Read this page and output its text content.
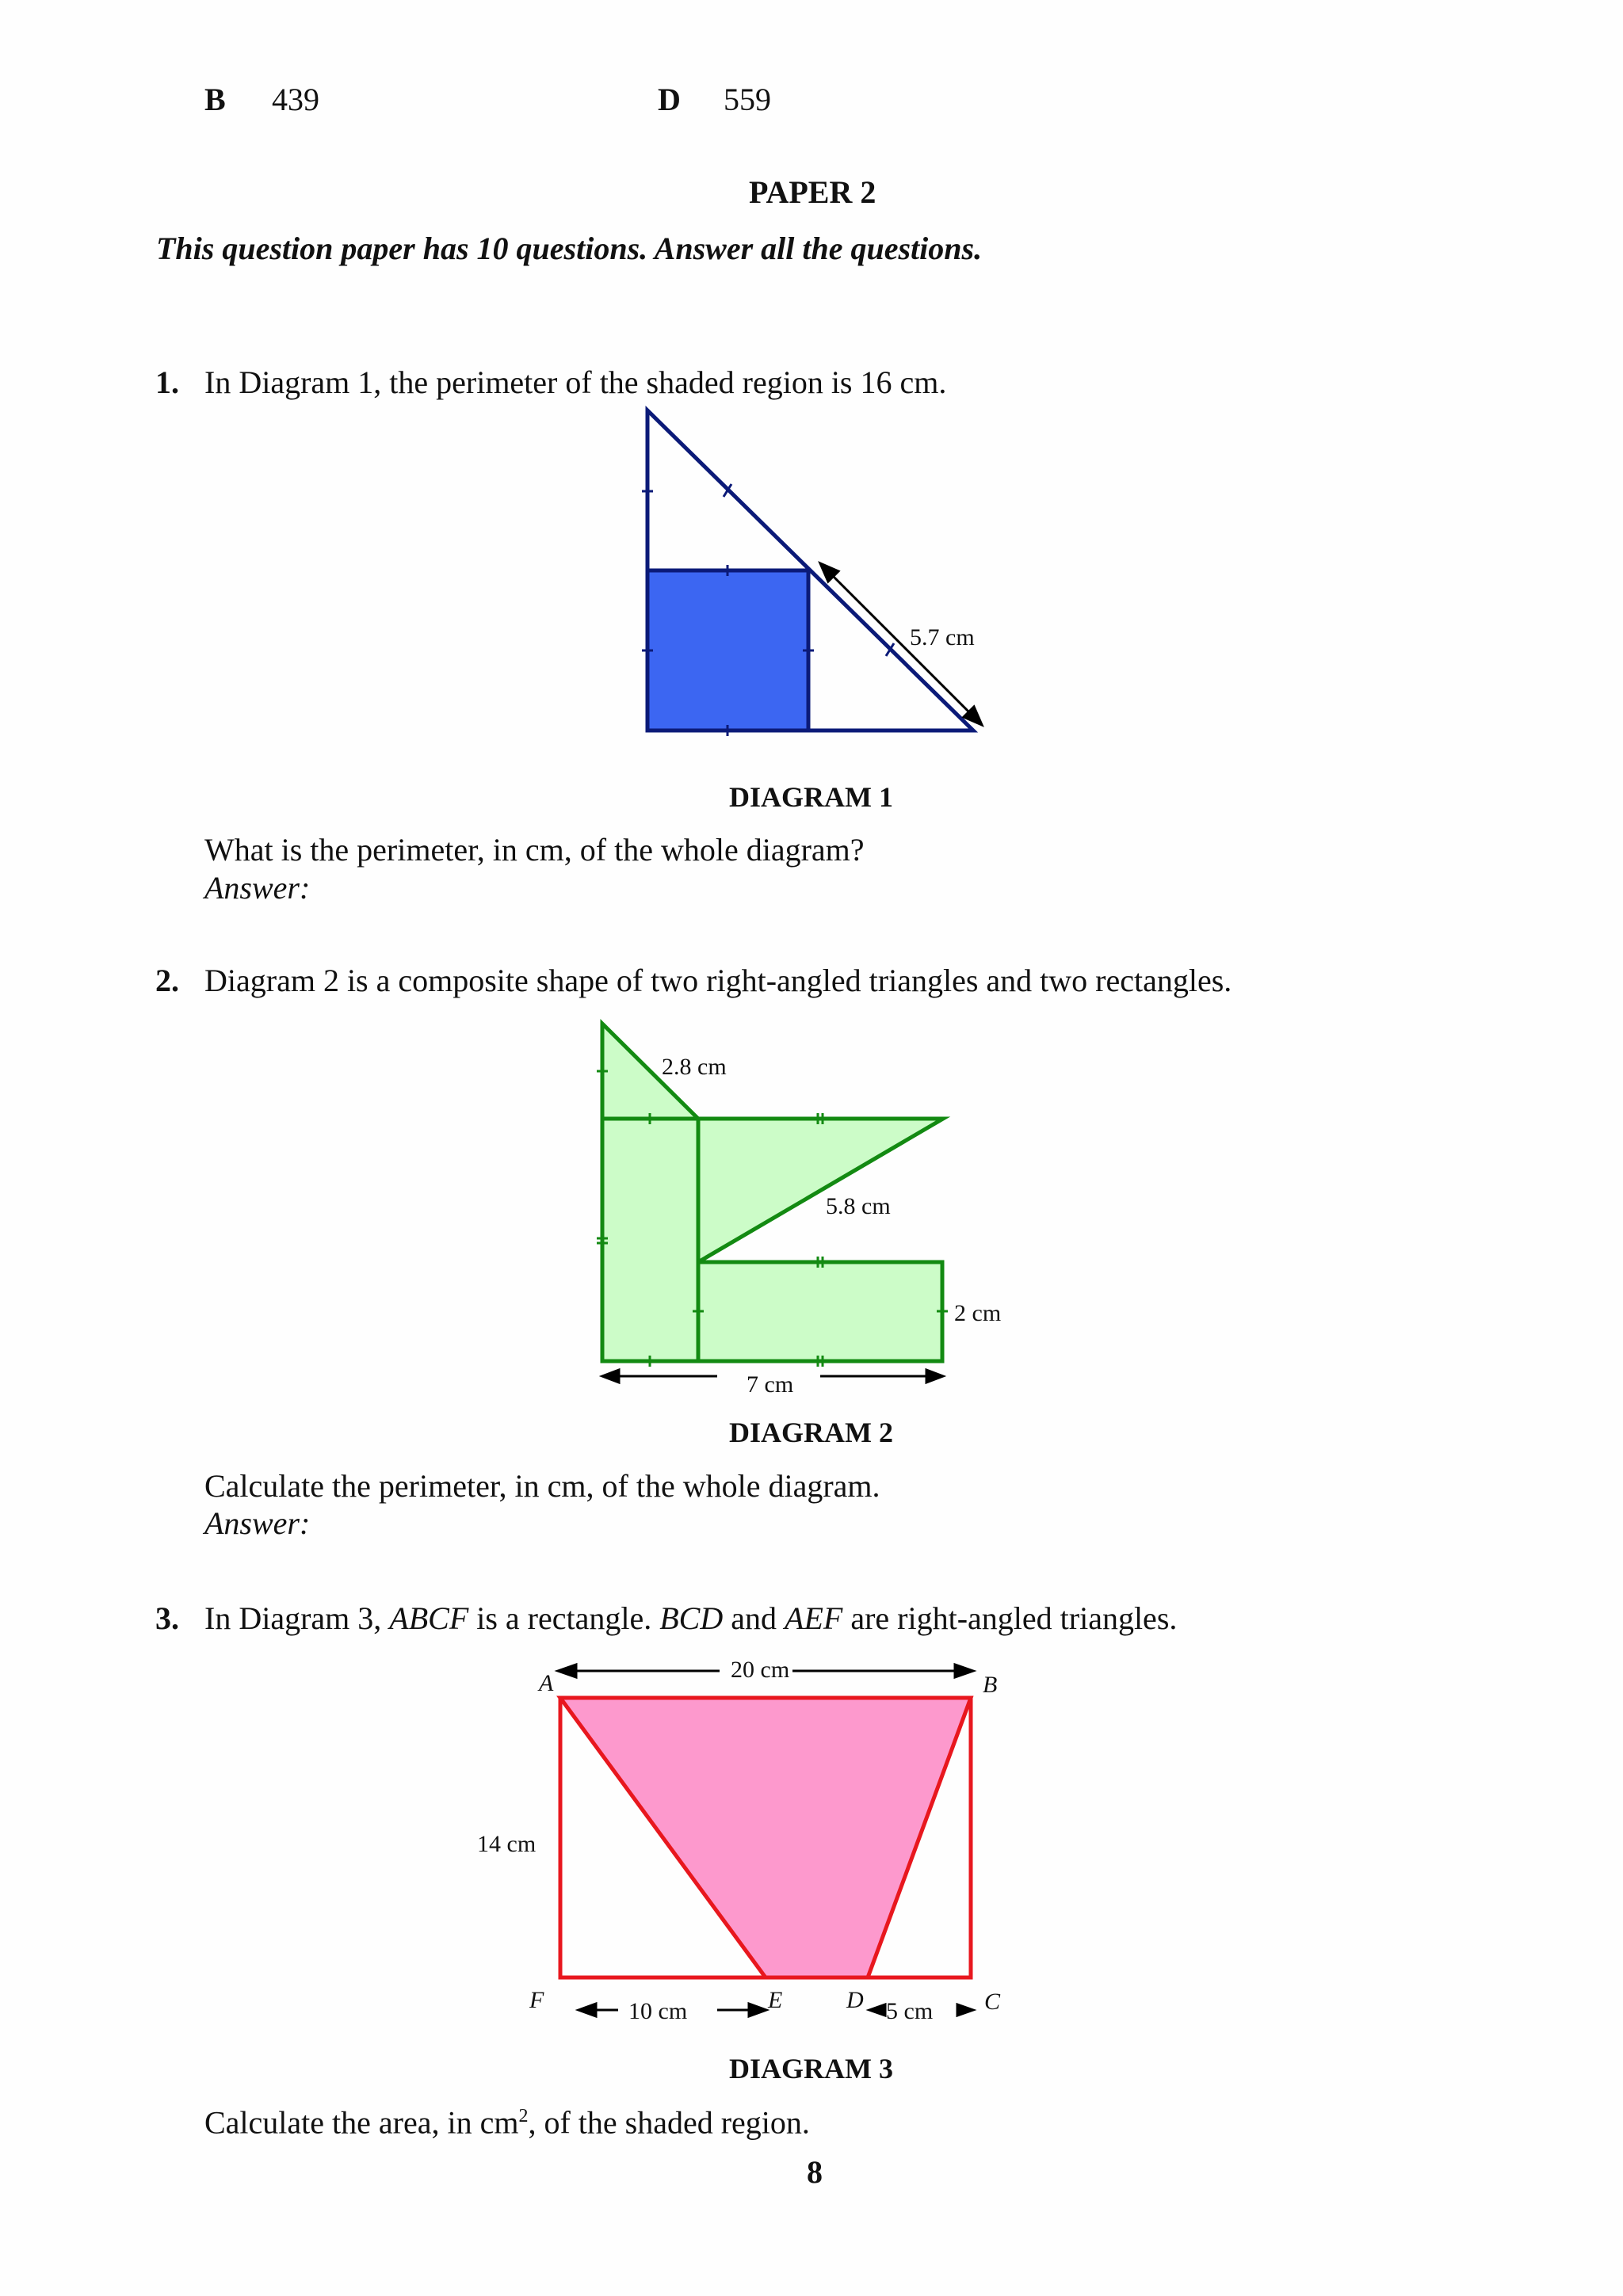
B 439	D 559
PAPER 2
This question paper has 10 questions. Answer all the questions.
1. In Diagram 1, the perimeter of the shaded region is 16 cm.
5.7 cm
DIAGRAM 1
What is the perimeter, in cm, of the whole diagram?
Answer:
2. Diagram 2 is a composite shape of two right-angled triangles and two rectangles.
2.8 cm
5.8 cm
2 cm
7 cm
DIAGRAM 2
Calculate the perimeter, in cm, of the whole diagram.
Answer:
3. In Diagram 3, ABCF is a rectangle. BCD and AEF are right-angled triangles.
20 cm
14 cm
10 cm	5 cm
A	B
C
D
E
F
DIAGRAM 3
Calculate the area, in $cm^2$, of the shaded region.
8
